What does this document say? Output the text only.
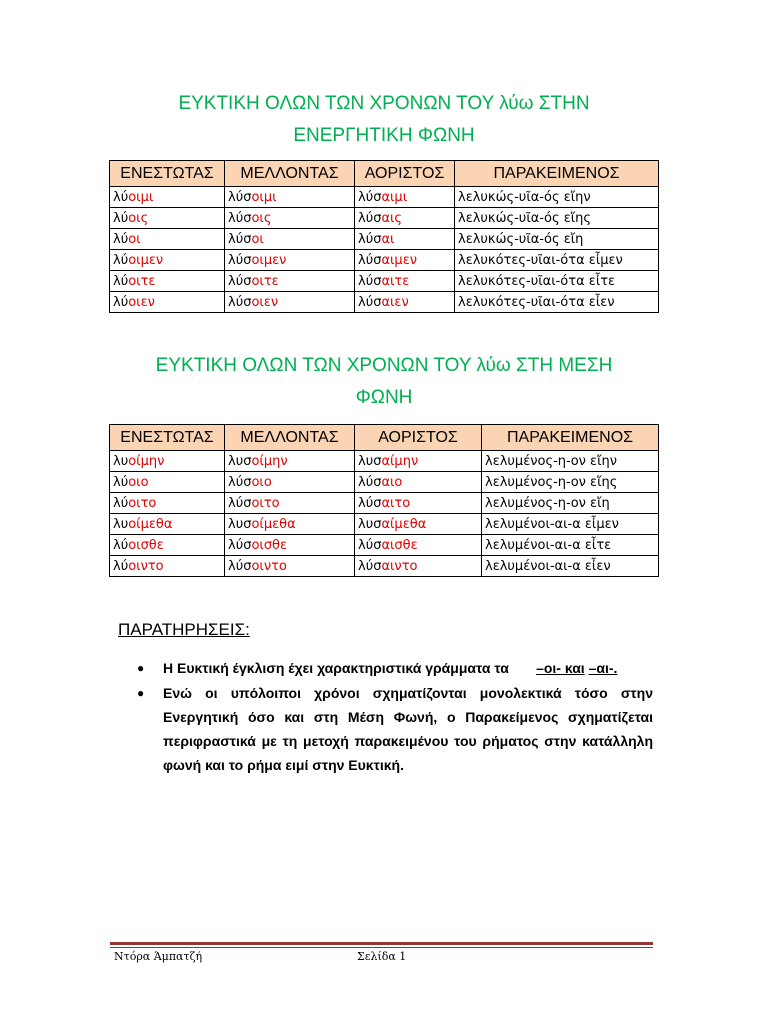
ΕΥΚΤΙΚΗ ΟΛΩΝ ΤΩΝ ΧΡΟΝΩΝ ΤΟΥ λύω ΣΤΗΝ
ΕΝΕΡΓΗΤΙΚΗ ΦΩΝΗ
ΕΝΕΣΤΩΤΑΣ	ΜΕΛΛΟΝΤΑΣ	ΑΟΡΙΣΤΟΣ	ΠΑΡΑΚΕΙΜΕΝΟΣ
λύοιμι	λύσοιμι	λύσαιμι	λελυκώς-υῖα-ός εἴην
λύοις	λύσοις	λύσαις	λελυκώς-υῖα-ός εἴης
λύοι	λύσοι	λύσαι	λελυκώς-υῖα-ός εἴη
λύοιμεν	λύσοιμεν	λύσαιμεν	λελυκότες-υῖαι-ότα εἶμεν
λύοιτε	λύσοιτε	λύσαιτε	λελυκότες-υῖαι-ότα εἶτε
λύοιεν	λύσοιεν	λύσαιεν	λελυκότες-υῖαι-ότα εἶεν
ΕΥΚΤΙΚΗ ΟΛΩΝ ΤΩΝ ΧΡΟΝΩΝ ΤΟΥ λύω ΣΤΗ ΜΕΣΗ
ΦΩΝΗ
ΕΝΕΣΤΩΤΑΣ	ΜΕΛΛΟΝΤΑΣ	ΑΟΡΙΣΤΟΣ	ΠΑΡΑΚΕΙΜΕΝΟΣ
λυοίμην	λυσοίμην	λυσαίμην	λελυμένος-η-ον εἴην
λύοιο	λύσοιο	λύσαιο	λελυμένος-η-ον εἴης
λύοιτο	λύσοιτο	λύσαιτο	λελυμένος-η-ον εἴη
λυοίμεθα	λυσοίμεθα	λυσαίμεθα	λελυμένοι-αι-α εἶμεν
λύοισθε	λύσοισθε	λύσαισθε	λελυμένοι-αι-α εἶτε
λύοιντο	λύσοιντο	λύσαιντο	λελυμένοι-αι-α εἶεν
ΠΑΡΑΤΗΡΗΣΕΙΣ:
● Η Ευκτική έγκλιση έχει χαρακτηριστικά γράμματα τα –οι- και –αι-.
● Ενώ οι υπόλοιποι χρόνοι σχηματίζονται μονολεκτικά τόσο στην Ενεργητική όσο και στη Μέση Φωνή, ο Παρακείμενος σχηματίζεται περιφραστικά με τη μετοχή παρακειμένου του ρήματος στην κατάλληλη φωνή και το ρήμα ειμί στην Ευκτική.
Ντόρα Άμπατζή	Σελίδα 1
